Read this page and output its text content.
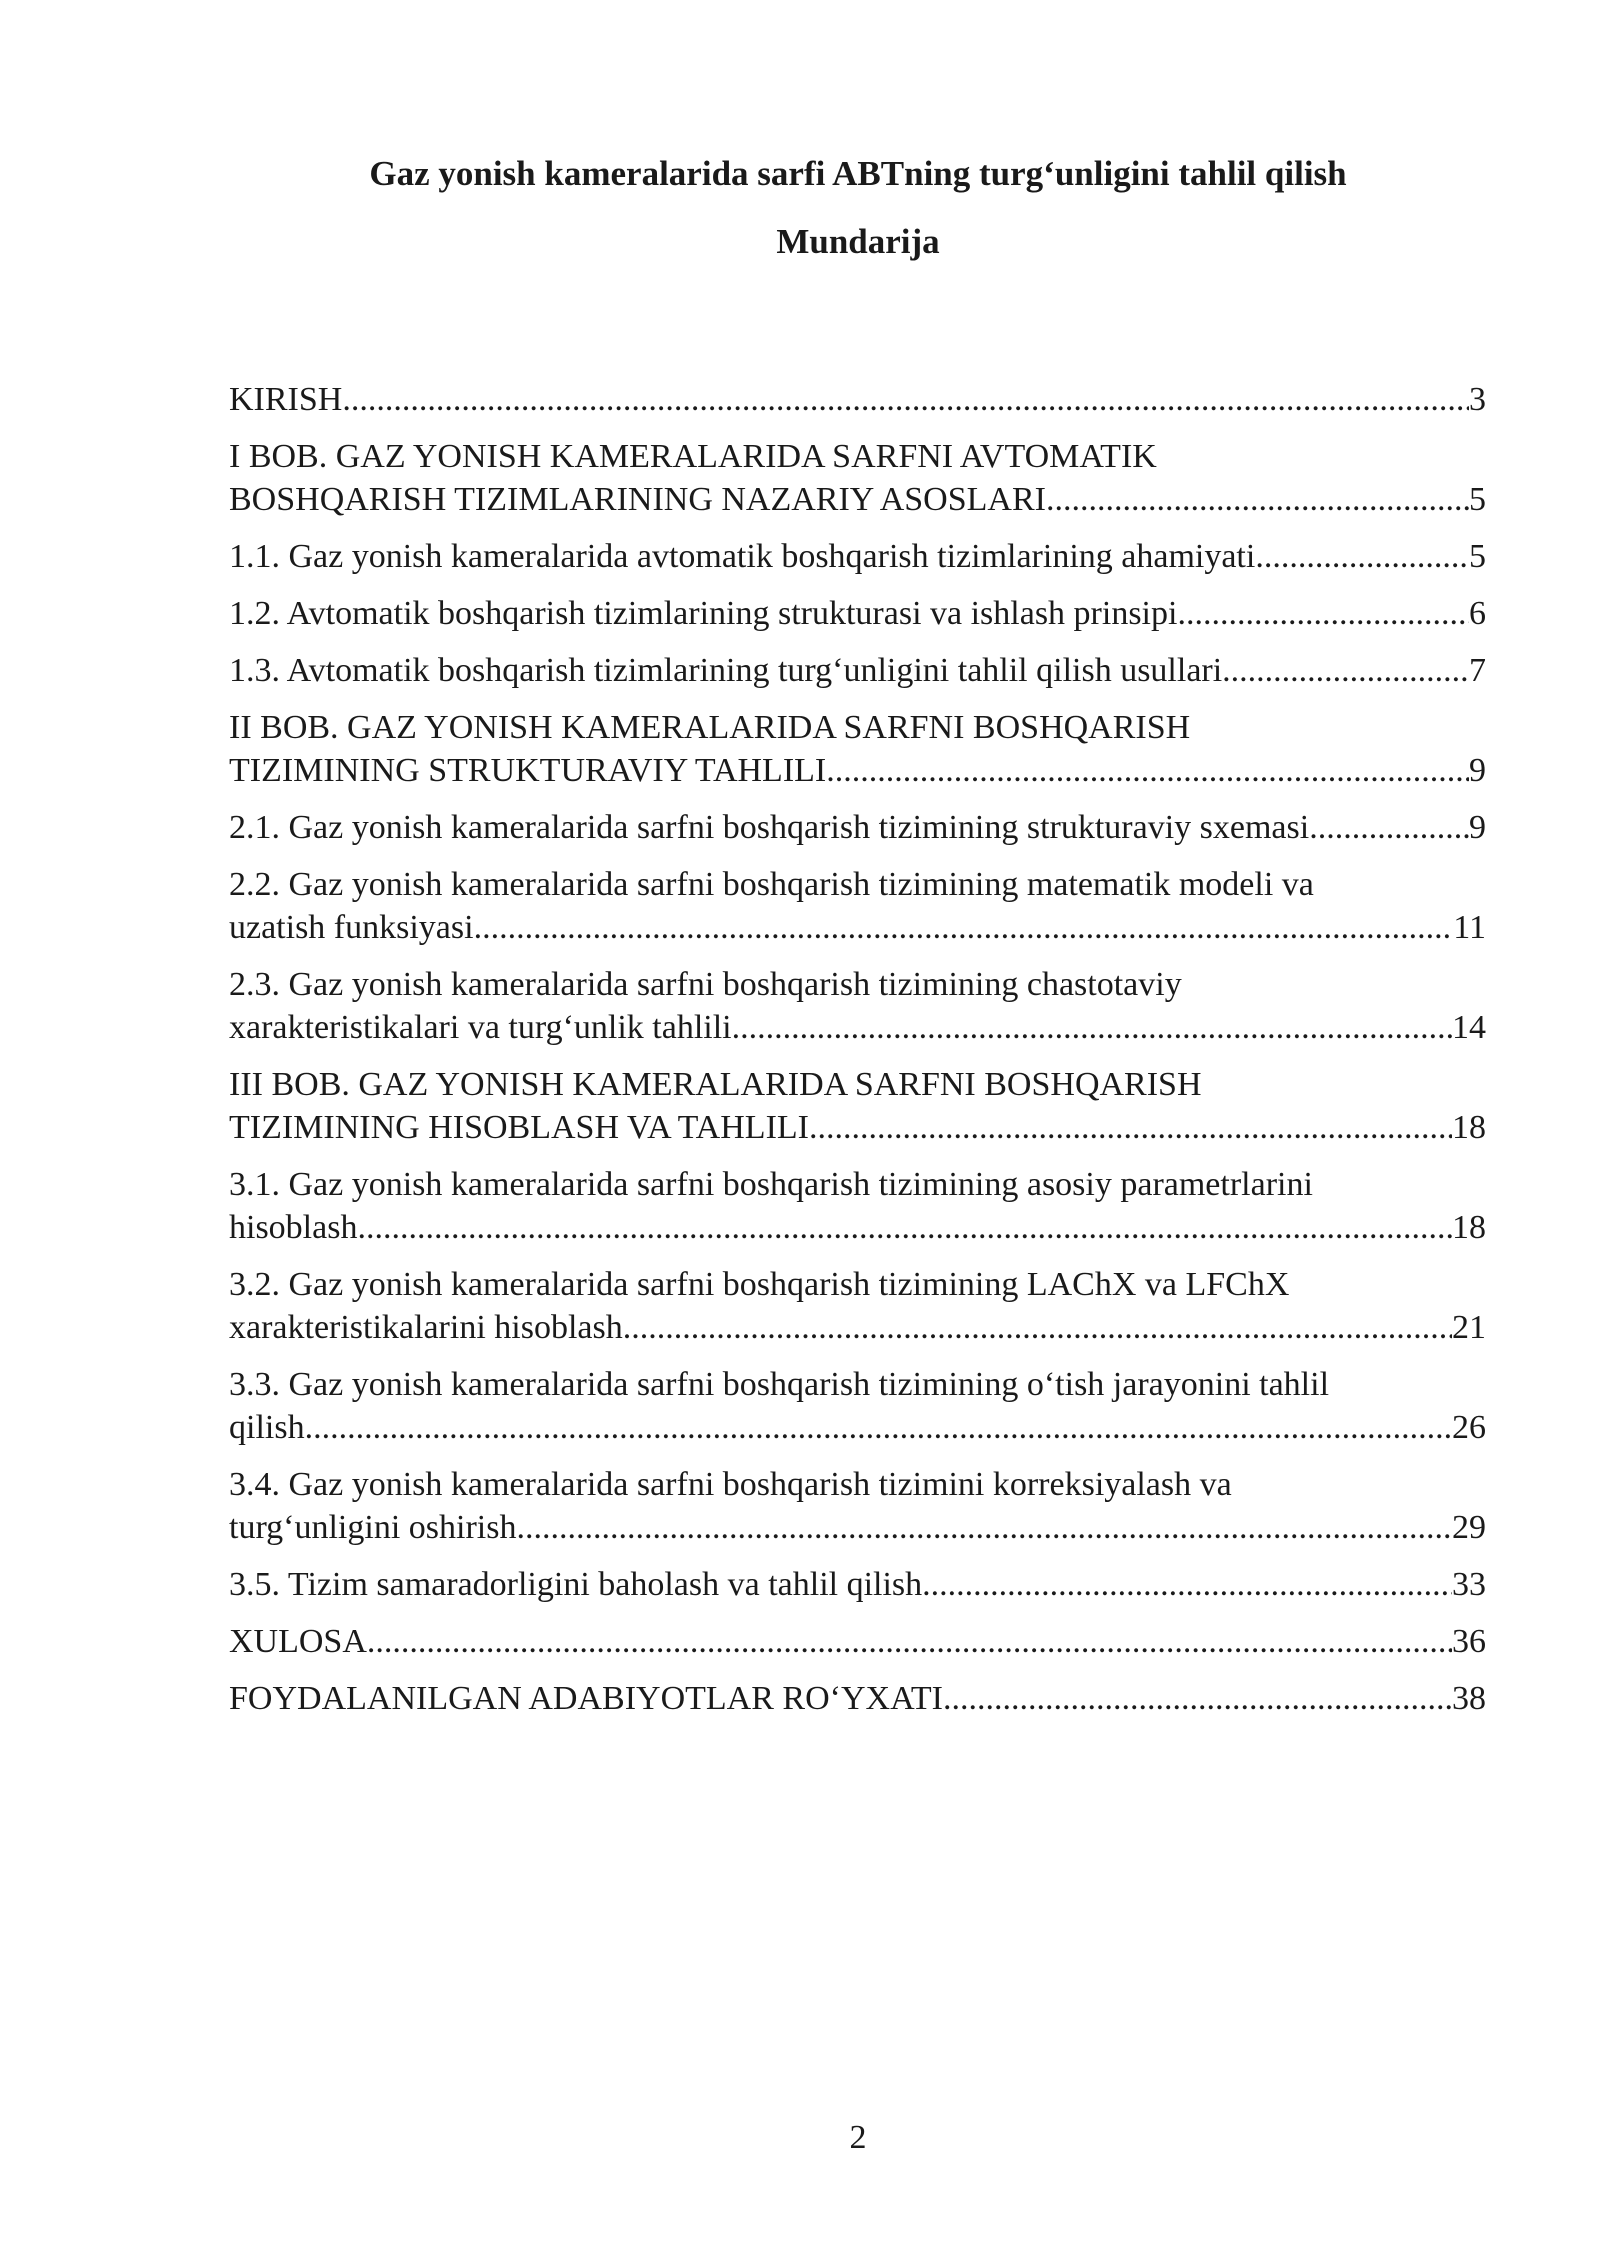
Gaz yonish kameralarida sarfi ABTning turg‘unligini tahlil qilish
Mundarija
KIRISH .....	3
I BOB. GAZ YONISH KAMERALARIDA SARFNI AVTOMATIK
BOSHQARISH TIZIMLARINING NAZARIY ASOSLARI .....	5
1.1. Gaz yonish kameralarida avtomatik boshqarish tizimlarining ahamiyati .....	5
1.2. Avtomatik boshqarish tizimlarining strukturasi va ishlash prinsipi .....	6
1.3. Avtomatik boshqarish tizimlarining turg‘unligini tahlil qilish usullari .....	7
II BOB. GAZ YONISH KAMERALARIDA SARFNI BOSHQARISH
TIZIMINING STRUKTURAVIY TAHLILI .....	9
2.1. Gaz yonish kameralarida sarfni boshqarish tizimining strukturaviy sxemasi .....	9
2.2. Gaz yonish kameralarida sarfni boshqarish tizimining matematik modeli va
uzatish funksiyasi .....	11
2.3. Gaz yonish kameralarida sarfni boshqarish tizimining chastotaviy
xarakteristikalari va turg‘unlik tahlili .....	14
III BOB. GAZ YONISH KAMERALARIDA SARFNI BOSHQARISH
TIZIMINING HISOBLASH VA TAHLILI .....	18
3.1. Gaz yonish kameralarida sarfni boshqarish tizimining asosiy parametrlarini
hisoblash .....	18
3.2. Gaz yonish kameralarida sarfni boshqarish tizimining LAChX va LFChX
xarakteristikalarini hisoblash .....	21
3.3. Gaz yonish kameralarida sarfni boshqarish tizimining o‘tish jarayonini tahlil
qilish .....	26
3.4. Gaz yonish kameralarida sarfni boshqarish tizimini korreksiyalash va
turg‘unligini oshirish .....	29
3.5. Tizim samaradorligini baholash va tahlil qilish .....	33
XULOSA .....	36
FOYDALANILGAN ADABIYOTLAR RO‘YXATI .....	38
2
